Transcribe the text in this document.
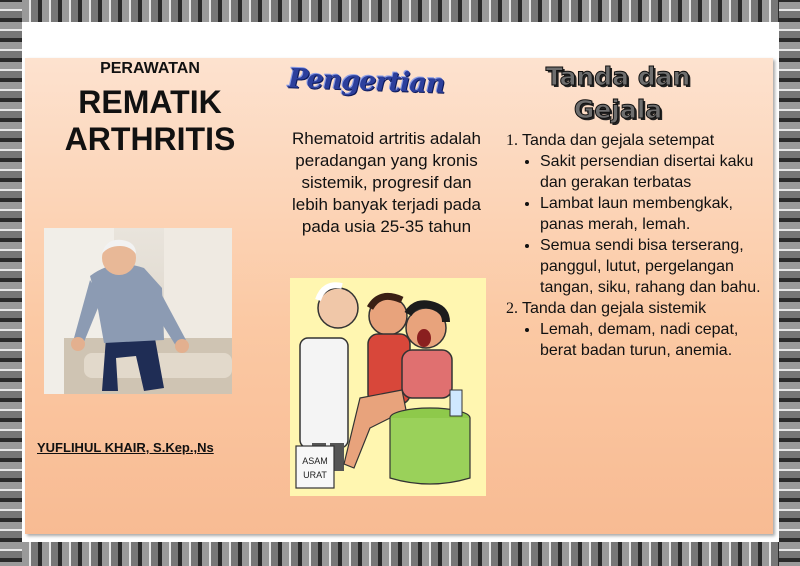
PERAWATAN
REMATIK
ARTHRITIS
YUFLIHUL KHAIR, S.Kep.,Ns
Pengertian
Rhematoid artritis adalah peradangan yang kronis sistemik, progresif dan lebih banyak terjadi pada pada usia 25-35 tahun
ASAM
URAT
Tanda dan
Gejala
1. Tanda dan gejala setempat
• Sakit persendian disertai kaku dan gerakan terbatas
• Lambat laun membengkak, panas merah, lemah.
• Semua sendi bisa terserang, panggul, lutut, pergelangan tangan, siku, rahang dan bahu.
2. Tanda dan gejala sistemik
• Lemah, demam, nadi cepat, berat badan turun, anemia.
